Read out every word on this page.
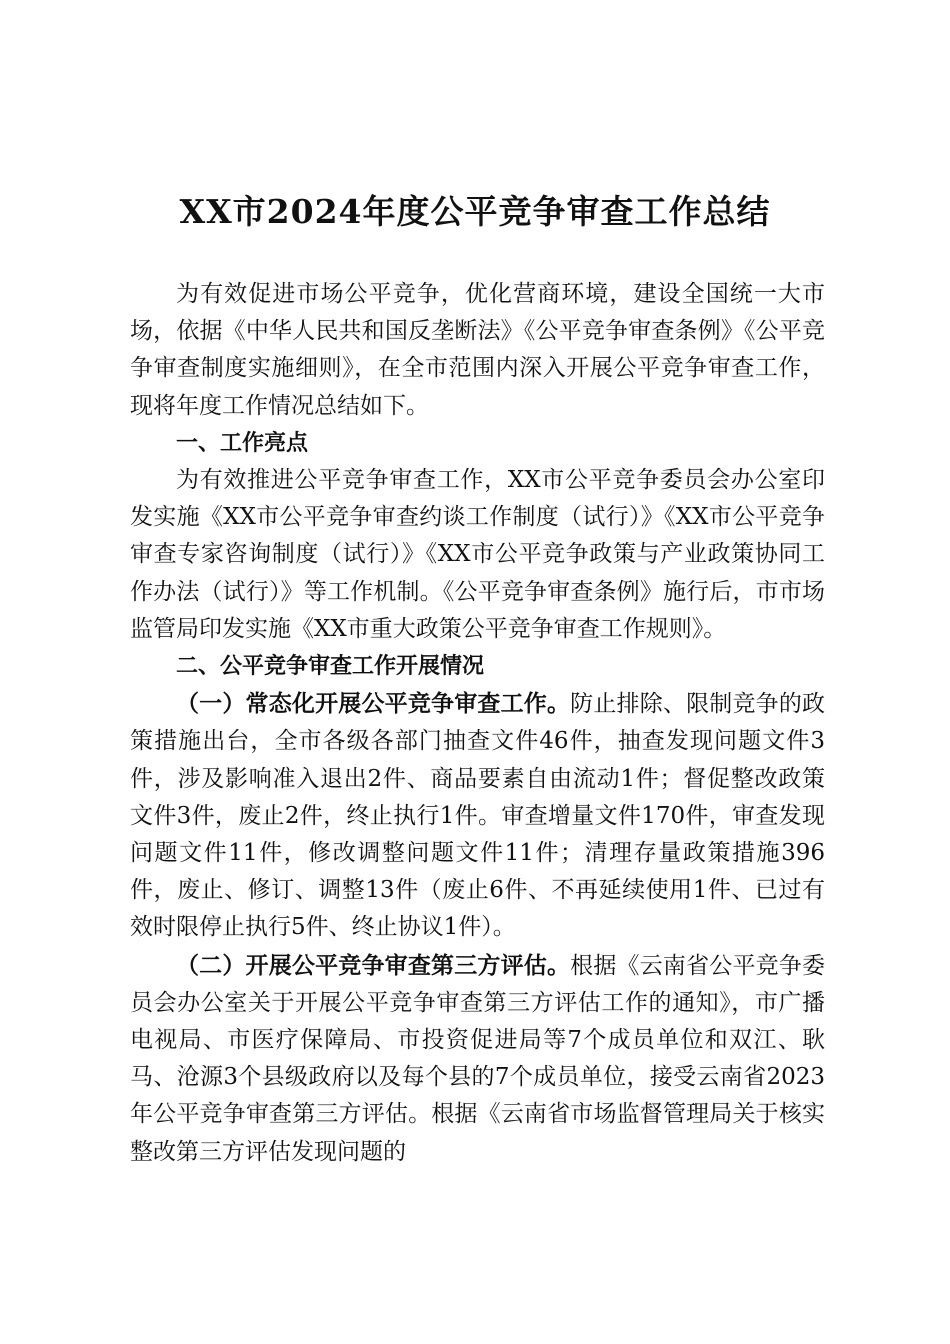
XX市2024年度公平竞争审查工作总结

为有效促进市场公平竞争，优化营商环境，建设全国统一大市场，依据《中华人民共和国反垄断法》《公平竞争审查条例》《公平竞争审查制度实施细则》，在全市范围内深入开展公平竞争审查工作，现将年度工作情况总结如下。

一、工作亮点

为有效推进公平竞争审查工作，XX市公平竞争委员会办公室印发实施《XX市公平竞争审查约谈工作制度（试行）》《XX市公平竞争审查专家咨询制度（试行）》《XX市公平竞争政策与产业政策协同工作办法（试行）》等工作机制。《公平竞争审查条例》施行后，市市场监管局印发实施《XX市重大政策公平竞争审查工作规则》。

二、公平竞争审查工作开展情况

（一）常态化开展公平竞争审查工作。防止排除、限制竞争的政策措施出台，全市各级各部门抽查文件46件，抽查发现问题文件3件，涉及影响准入退出2件、商品要素自由流动1件；督促整改政策文件3件，废止2件，终止执行1件。审查增量文件170件，审查发现问题文件11件，修改调整问题文件11件；清理存量政策措施396件，废止、修订、调整13件（废止6件、不再延续使用1件、已过有效时限停止执行5件、终止协议1件）。

（二）开展公平竞争审查第三方评估。根据《云南省公平竞争委员会办公室关于开展公平竞争审查第三方评估工作的通知》，市广播电视局、市医疗保障局、市投资促进局等7个成员单位和双江、耿马、沧源3个县级政府以及每个县的7个成员单位，接受云南省2023年公平竞争审查第三方评估。根据《云南省市场监督管理局关于核实整改第三方评估发现问题的
